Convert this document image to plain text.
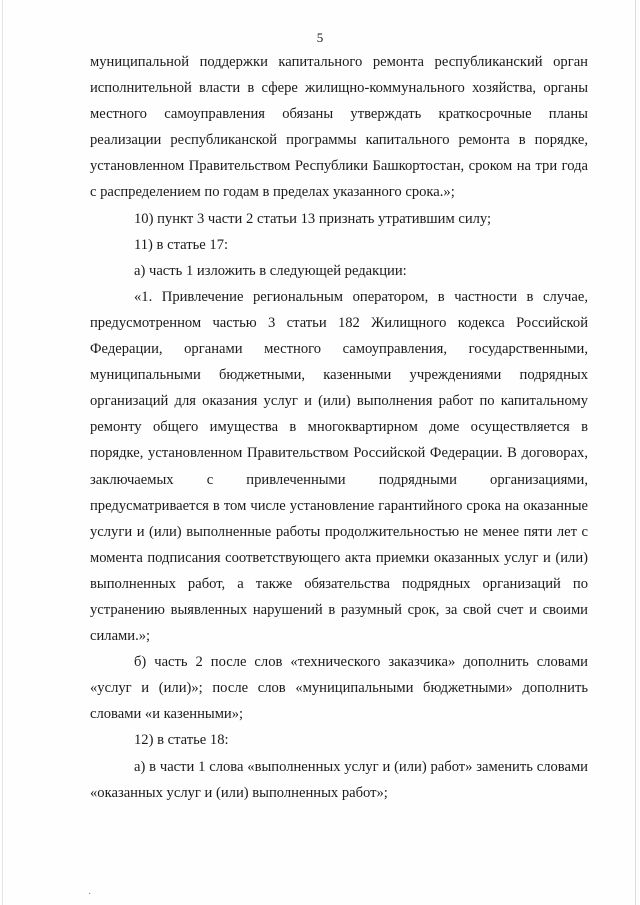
5

муниципальной поддержки капитального ремонта республиканский орган исполнительной власти в сфере жилищно-коммунального хозяйства, органы местного самоуправления обязаны утверждать краткосрочные планы реализации республиканской программы капитального ремонта в порядке, установленном Правительством Республики Башкортостан, сроком на три года с распределением по годам в пределах указанного срока.»;

10) пункт 3 части 2 статьи 13 признать утратившим силу;

11) в статье 17:

а) часть 1 изложить в следующей редакции:

«1. Привлечение региональным оператором, в частности в случае, предусмотренном частью 3 статьи 182 Жилищного кодекса Российской Федерации, органами местного самоуправления, государственными, муниципальными бюджетными, казенными учреждениями подрядных организаций для оказания услуг и (или) выполнения работ по капитальному ремонту общего имущества в многоквартирном доме осуществляется в порядке, установленном Правительством Российской Федерации. В договорах, заключаемых с привлеченными подрядными организациями, предусматривается в том числе установление гарантийного срока на оказанные услуги и (или) выполненные работы продолжительностью не менее пяти лет с момента подписания соответствующего акта приемки оказанных услуг и (или) выполненных работ, а также обязательства подрядных организаций по устранению выявленных нарушений в разумный срок, за свой счет и своими силами.»;

б) часть 2 после слов «технического заказчика» дополнить словами «услуг и (или)»; после слов «муниципальными бюджетными» дополнить словами «и казенными»;

12) в статье 18:

а) в части 1 слова «выполненных услуг и (или) работ» заменить словами «оказанных услуг и (или) выполненных работ»;

·
